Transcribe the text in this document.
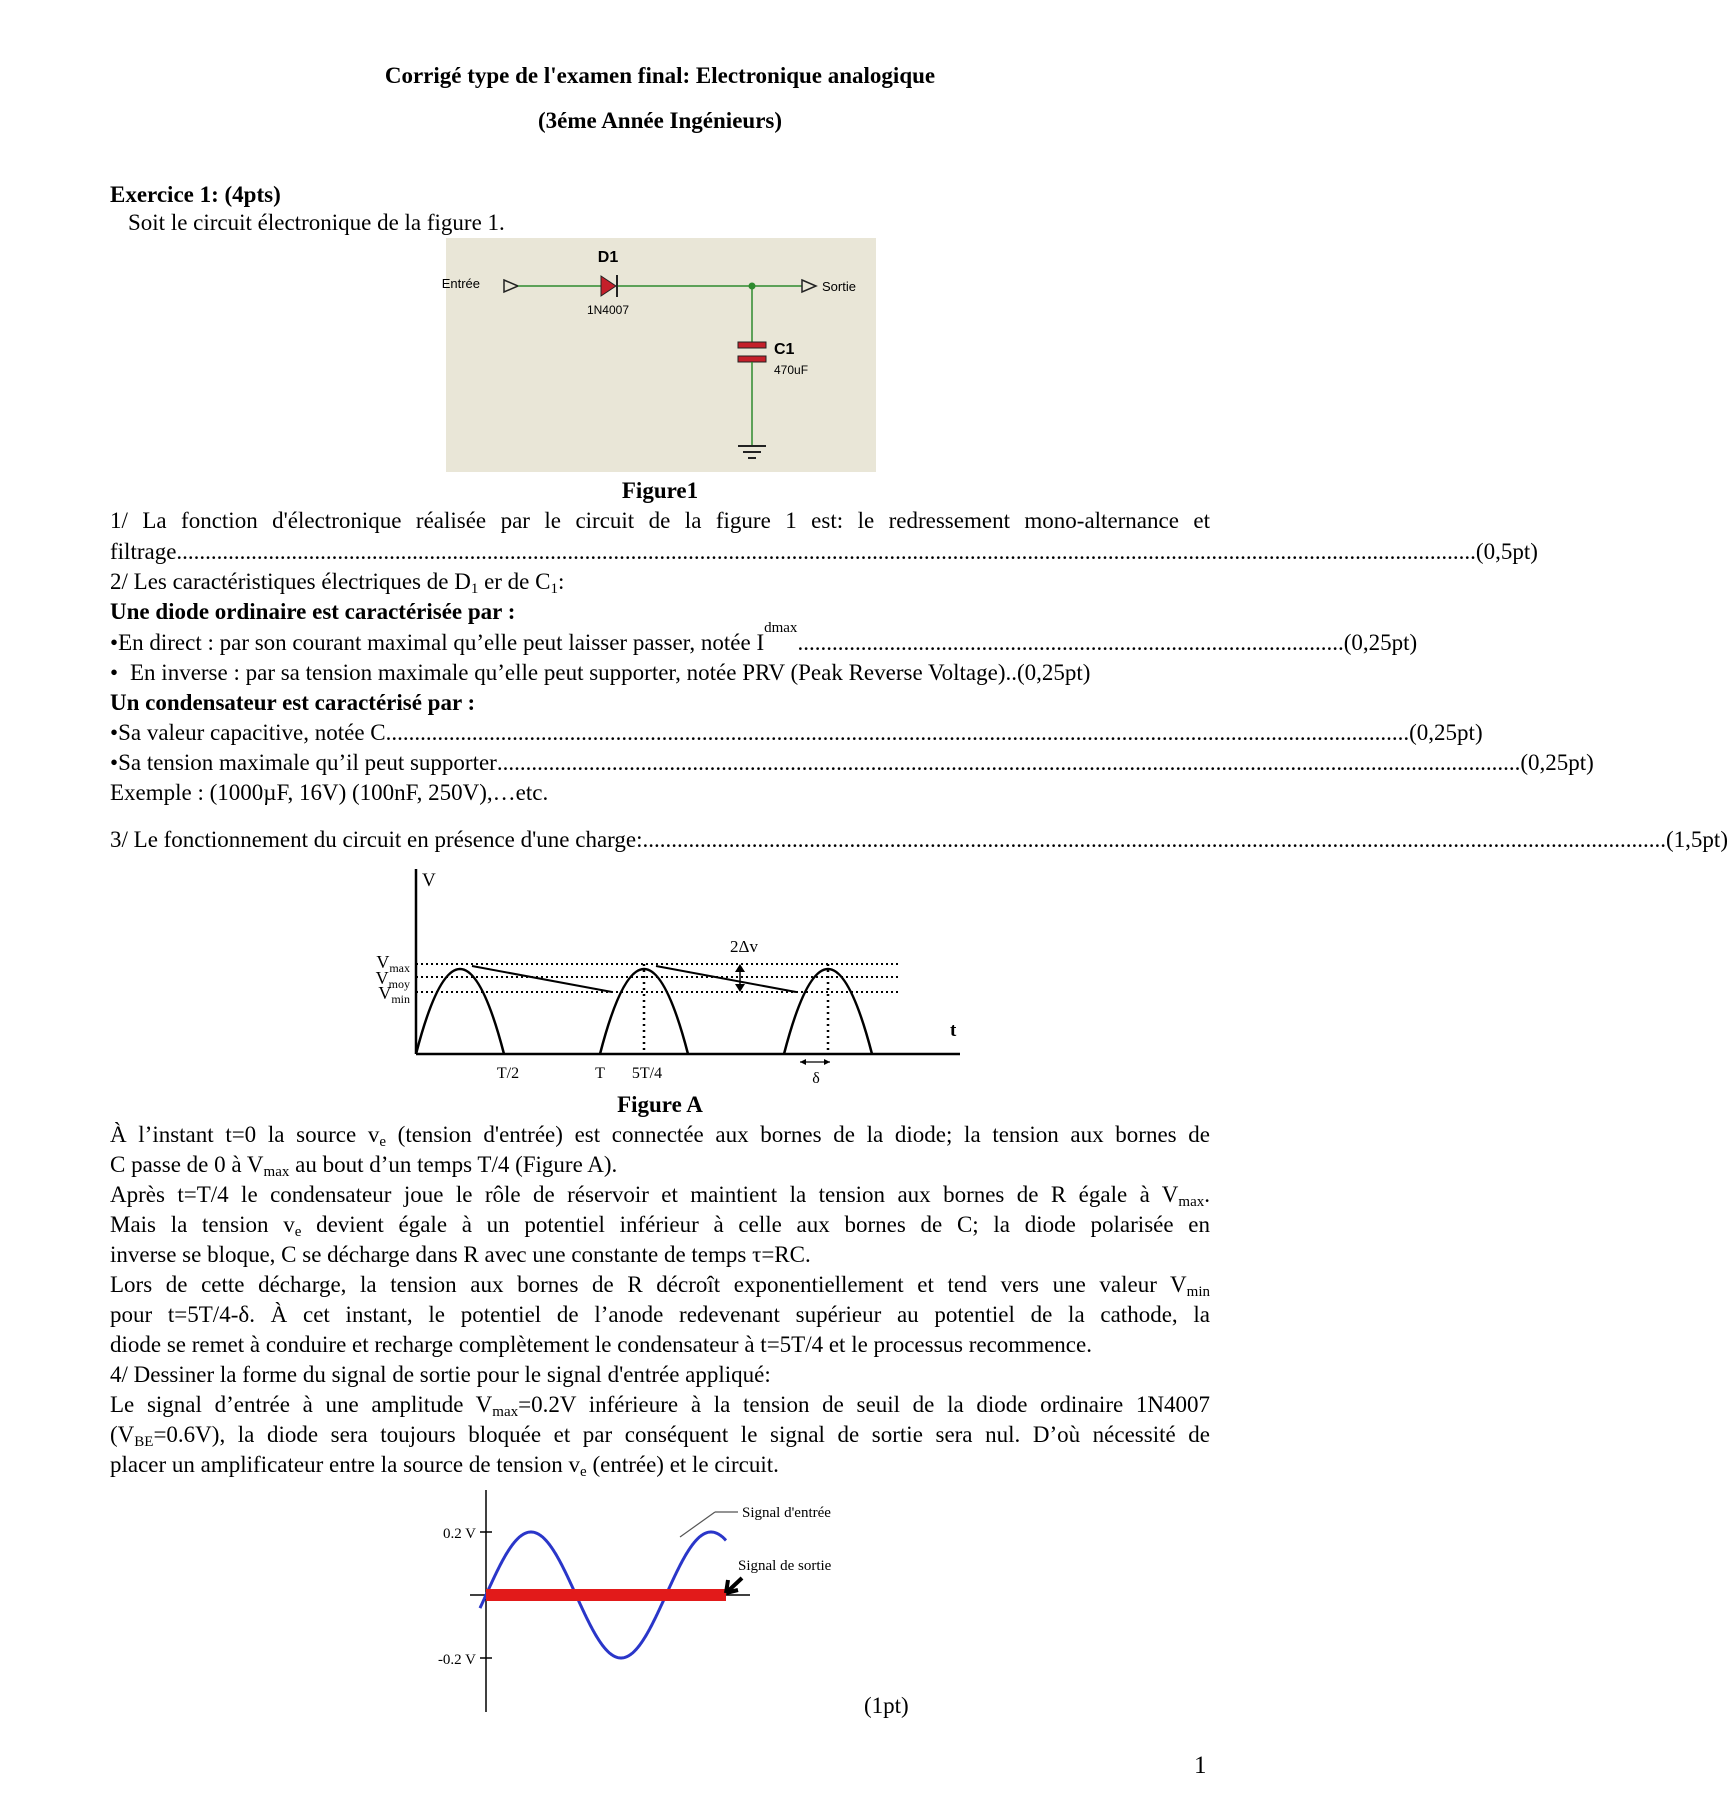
Corrigé type de l'examen final: Electronique analogique
(3éme Année Ingénieurs)
Exercice 1: (4pts)
Soit le circuit électronique de la figure 1.
Entrée
D1
1N4007
Sortie
C1
470uF
Figure1
1/ La fonction d'électronique réalisée par le circuit de la figure 1 est: le redressement mono-alternance et
filtrage .................................................................................................................................................................................................................................. (0,5pt)
2/ Les caractéristiques électriques de $D_1$ er de $C_1$:
Une diode ordinaire est caractérisée par :
• En direct : par son courant maximal qu’elle peut laisser passer, notée I
dmax
............................................................................................... (0,25pt)
• En inverse : par sa tension maximale qu’elle peut supporter, notée PRV (Peak Reverse Voltage)..(0,25pt)
Un condensateur est caractérisé par :
• Sa valeur capacitive, notée C .................................................................................................................................................................................. (0,25pt)
• Sa tension maximale qu’il peut supporter .................................................................................................................................................................................. (0,25pt)
Exemple : (1000µF, 16V) (100nF, 250V),…etc.
3/ Le fonctionnement du circuit en présence d'une charge: .................................................................................................................................................................................. (1,5pt)
V
t
$V_{max}$
$V_{moy}$
$V_{min}$
2Δv
T/2	T 5T/4	δ
Figure A
À l’instant t=0 la source $v_e$ (tension d'entrée) est connectée aux bornes de la diode; la tension aux bornes de
C passe de 0 à $V_{max}$ au bout d’un temps T/4 (Figure A).
Après t=T/4 le condensateur joue le rôle de réservoir et maintient la tension aux bornes de R égale à $V_{max}$.
Mais la tension $v_e$ devient égale à un potentiel inférieur à celle aux bornes de C; la diode polarisée en
inverse se bloque, C se décharge dans R avec une constante de temps τ=RC.
Lors de cette décharge, la tension aux bornes de R décroît exponentiellement et tend vers une valeur $V_{min}$
pour t=5T/4-δ. À cet instant, le potentiel de l’anode redevenant supérieur au potentiel de la cathode, la
diode se remet à conduire et recharge complètement le condensateur à t=5T/4 et le processus recommence.
4/ Dessiner la forme du signal de sortie pour le signal d'entrée appliqué:
Le signal d’entrée à une amplitude $V_{max}=0.2V$ inférieure à la tension de seuil de la diode ordinaire 1N4007
$(V_{BE}=0.6V)$, la diode sera toujours bloquée et par conséquent le signal de sortie sera nul. D’où nécessité de
placer un amplificateur entre la source de tension $v_e$ (entrée) et le circuit.
0.2 V
-0.2 V
Signal d'entrée
Signal de sortie
(1pt)
1
